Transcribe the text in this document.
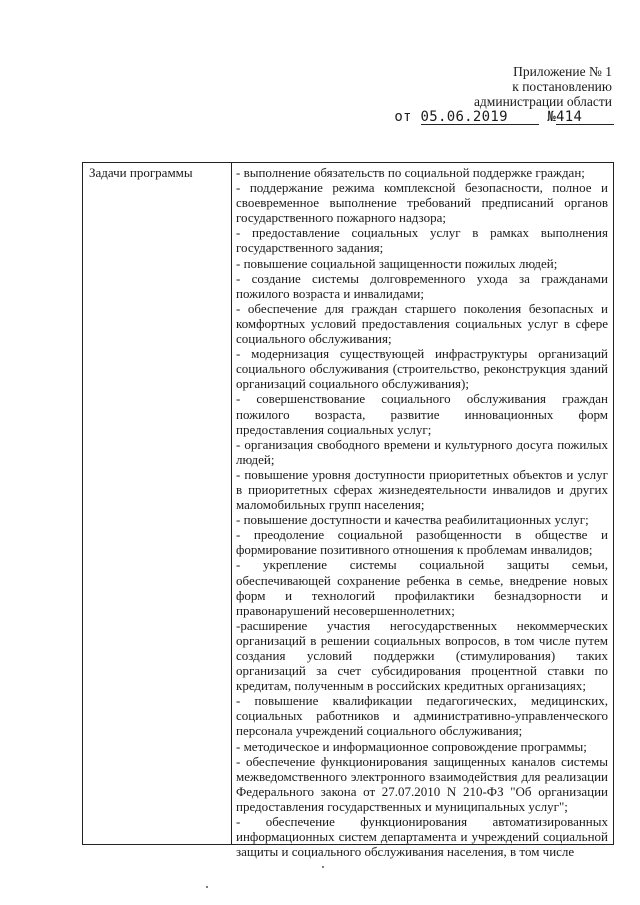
Приложение № 1
к постановлению
администрации области
от 05.06.2019	№414
Задачи программы	- выполнение обязательств по социальной поддержке граждан;

- поддержание режима комплексной безопасности, полное и своевременное выполнение требований предписаний органов государственного пожарного надзора;

- предоставление социальных услуг в рамках выполнения государственного задания;

- повышение социальной защищенности пожилых людей;

- создание системы долговременного ухода за гражданами пожилого возраста и инвалидами;

- обеспечение для граждан старшего поколения безопасных и комфортных условий предоставления социальных услуг в сфере социального обслуживания;

- модернизация существующей инфраструктуры организаций социального обслуживания (строительство, реконструкция зданий организаций социального обслуживания);

- совершенствование социального обслуживания граждан пожилого возраста, развитие инновационных форм предоставления социальных услуг;

- организация свободного времени и культурного досуга пожилых людей;

- повышение уровня доступности приоритетных объектов и услуг в приоритетных сферах жизнедеятельности инвалидов и других маломобильных групп населения;

- повышение доступности и качества реабилитационных услуг;

- преодоление социальной разобщенности в обществе и формирование позитивного отношения к проблемам инвалидов;

- укрепление системы социальной защиты семьи, обеспечивающей сохранение ребенка в семье, внедрение новых форм и технологий профилактики безнадзорности и правонарушений несовершеннолетних;

-расширение участия негосударственных некоммерческих организаций в решении социальных вопросов, в том числе путем создания условий поддержки (стимулирования) таких организаций за счет субсидирования процентной ставки по кредитам, полученным в российских кредитных организациях;

- повышение квалификации педагогических, медицинских, социальных работников и административно-управленческого персонала учреждений социального обслуживания;

- методическое и информационное сопровождение программы;

- обеспечение функционирования защищенных каналов системы межведомственного электронного взаимодействия для реализации Федерального закона от 27.07.2010 N 210-ФЗ "Об организации предоставления государственных и муниципальных услуг";

- обеспечение функционирования автоматизированных информационных систем департамента и учреждений социальной защиты и социального обслуживания населения, в том числе
